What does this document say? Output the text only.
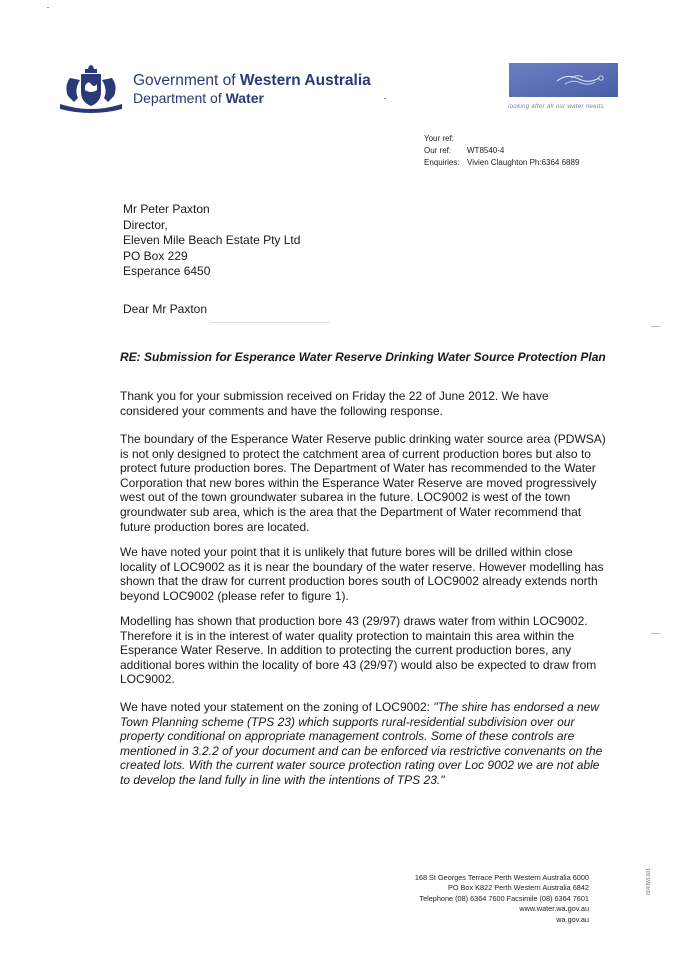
Government of Western Australia
Department of Water
looking after all our water needs
Your ref:
Our ref:	WT8540-4
Enquiries: Vivien Claughton Ph:6364 6889
Mr Peter Paxton
Director,
Eleven Mile Beach Estate Pty Ltd
PO Box 229
Esperance 6450
Dear Mr Paxton
RE: Submission for Esperance Water Reserve Drinking Water Source Protection Plan
Thank you for your submission received on Friday the 22 of June 2012. We have considered your comments and have the following response.
The boundary of the Esperance Water Reserve public drinking water source area (PDWSA) is not only designed to protect the catchment area of current production bores but also to protect future production bores. The Department of Water has recommended to the Water Corporation that new bores within the Esperance Water Reserve are moved progressively west out of the town groundwater subarea in the future. LOC9002 is west of the town groundwater sub area, which is the area that the Department of Water recommend that future production bores are located.
We have noted your point that it is unlikely that future bores will be drilled within close locality of LOC9002 as it is near the boundary of the water reserve. However modelling has shown that the draw for current production bores south of LOC9002 already extends north beyond LOC9002 (please refer to figure 1).
Modelling has shown that production bore 43 (29/97) draws water from within LOC9002. Therefore it is in the interest of water quality protection to maintain this area within the Esperance Water Reserve. In addition to protecting the current production bores, any additional bores within the locality of bore 43 (29/97) would also be expected to draw from LOC9002.
We have noted your statement on the zoning of LOC9002: "The shire has endorsed a new Town Planning scheme (TPS 23) which supports rural-residential subdivision over our property conditional on appropriate management controls. Some of these controls are mentioned in 3.2.2 of your document and can be enforced via restrictive convenants on the created lots. With the current water source protection rating over Loc 9002 we are not able to develop the land fully in line with the intentions of TPS 23."
168 St Georges Terrace Perth Western Australia 6000
PO Box K822 Perth Western Australia 6842
Telephone (08) 6364 7600 Facsimile (08) 6364 7601
www.water.wa.gov.au
wa.gov.au
8040WL001
